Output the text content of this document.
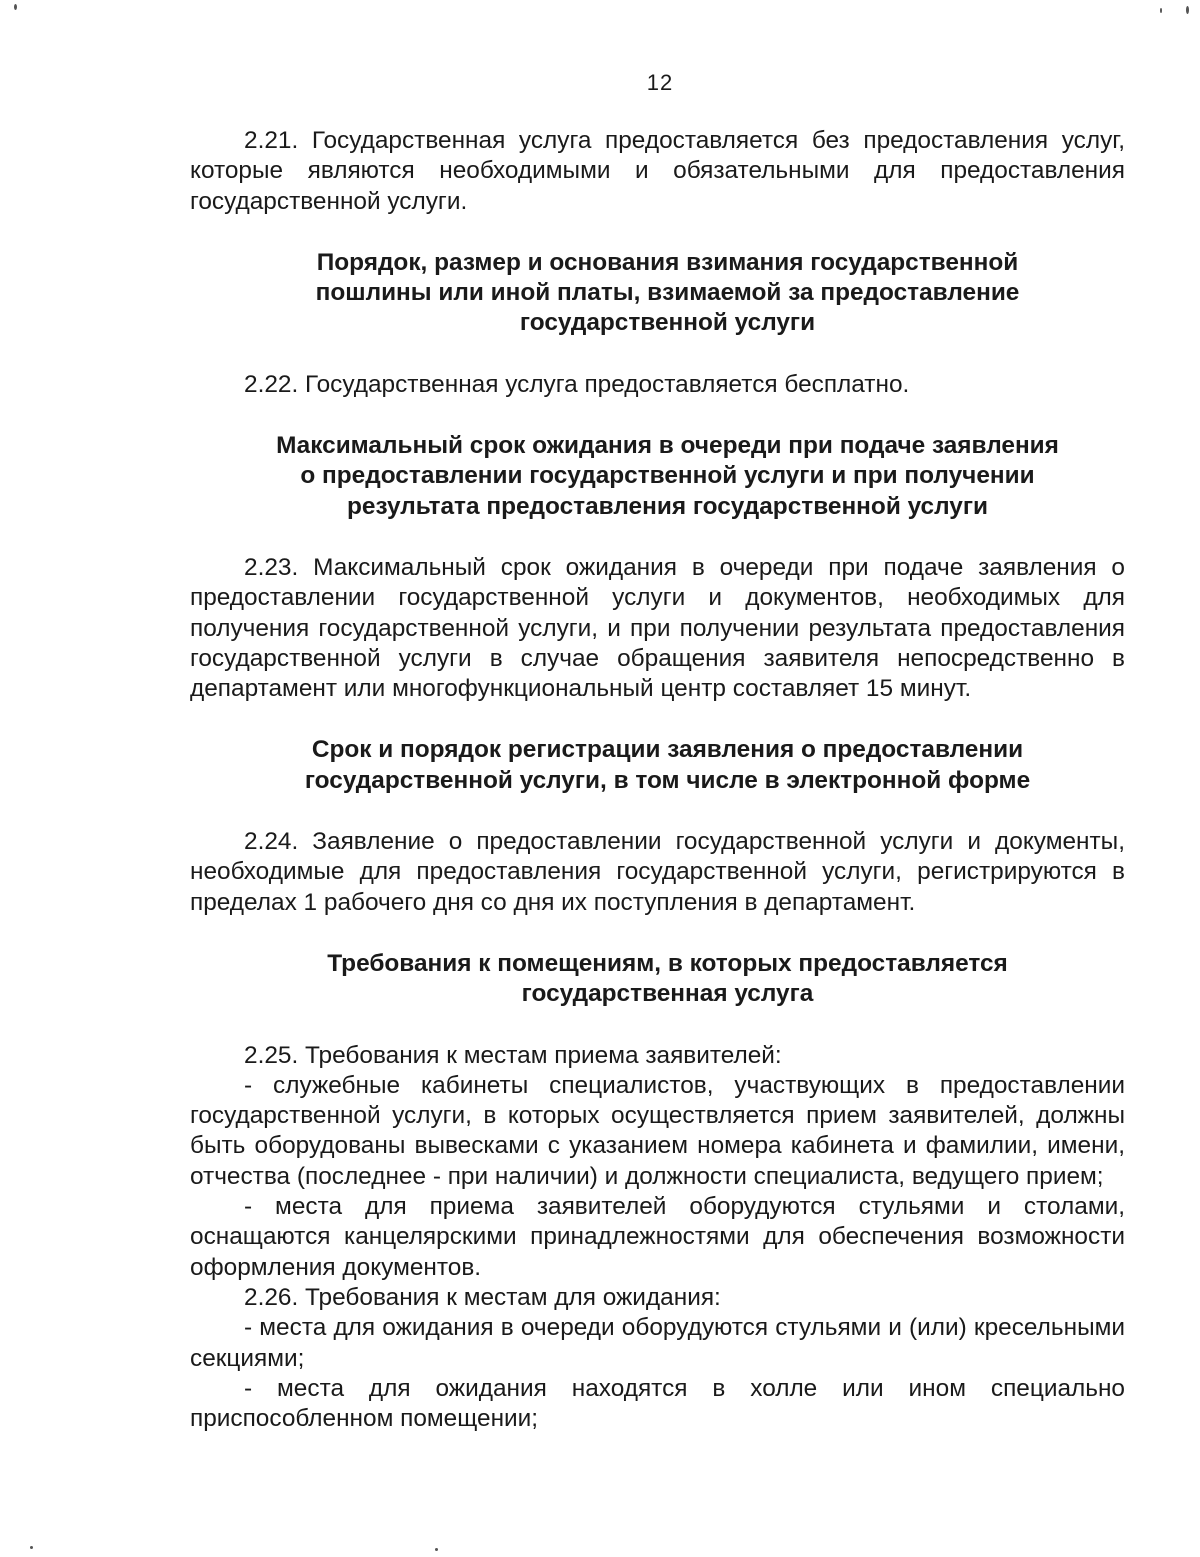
12

2.21. Государственная услуга предоставляется без предоставления услуг, которые являются необходимыми и обязательными для предоставления государственной услуги.

Порядок, размер и основания взимания государственной
пошлины или иной платы, взимаемой за предоставление
государственной услуги

2.22. Государственная услуга предоставляется бесплатно.

Максимальный срок ожидания в очереди при подаче заявления
о предоставлении государственной услуги и при получении
результата предоставления государственной услуги

2.23. Максимальный срок ожидания в очереди при подаче заявления о предоставлении государственной услуги и документов, необходимых для получения государственной услуги, и при получении результата предоставления государственной услуги в случае обращения заявителя непосредственно в департамент или многофункциональный центр составляет 15 минут.

Срок и порядок регистрации заявления о предоставлении
государственной услуги, в том числе в электронной форме

2.24. Заявление о предоставлении государственной услуги и документы, необходимые для предоставления государственной услуги, регистрируются в пределах 1 рабочего дня со дня их поступления в департамент.

Требования к помещениям, в которых предоставляется
государственная услуга

2.25. Требования к местам приема заявителей:

- служебные кабинеты специалистов, участвующих в предоставлении государственной услуги, в которых осуществляется прием заявителей, должны быть оборудованы вывесками с указанием номера кабинета и фамилии, имени, отчества (последнее - при наличии) и должности специалиста, ведущего прием;

- места для приема заявителей оборудуются стульями и столами, оснащаются канцелярскими принадлежностями для обеспечения возможности оформления документов.

2.26. Требования к местам для ожидания:

- места для ожидания в очереди оборудуются стульями и (или) кресельными секциями;

- места для ожидания находятся в холле или ином специально приспособленном помещении;
